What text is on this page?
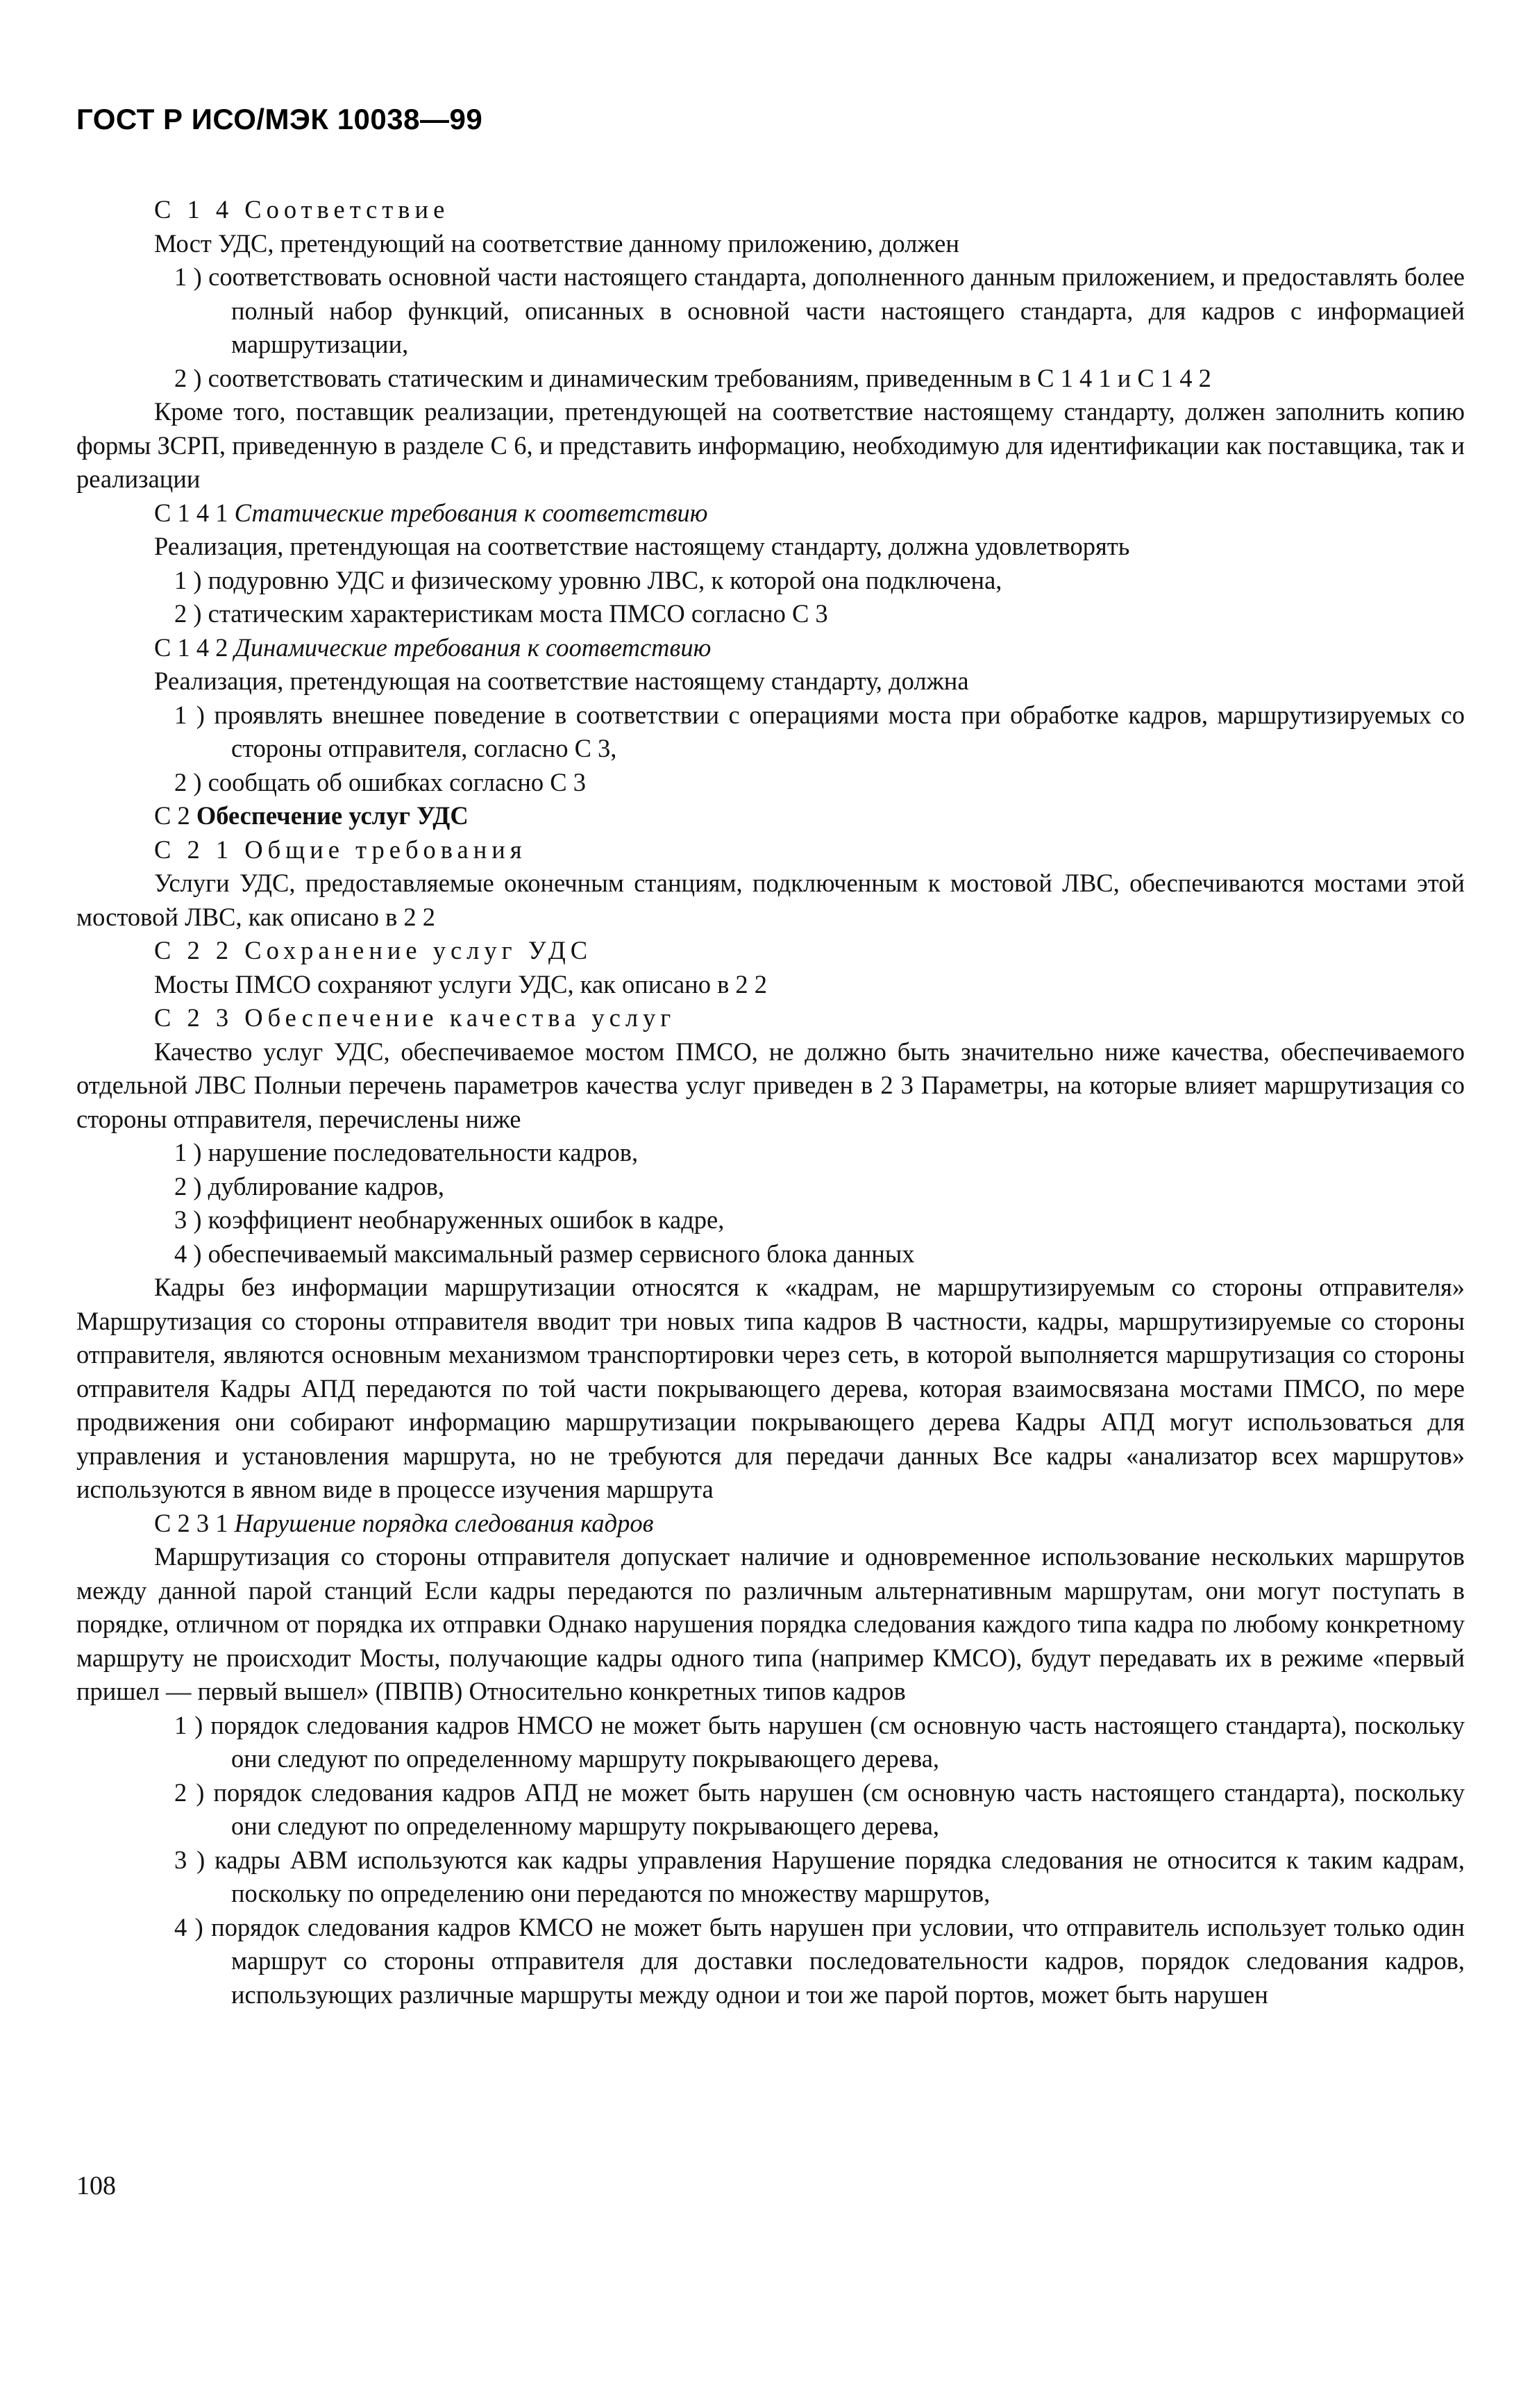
ГОСТ Р ИСО/МЭК 10038—99

С 1 4 Соответствие

Мост УДС, претендующий на соответствие данному приложению, должен

1 ) соответствовать основной части настоящего стандарта, дополненного данным приложением, и предоставлять более полный набор функций, описанных в основной части настоящего стандарта, для кадров с информацией маршрутизации,

2 ) соответствовать статическим и динамическим требованиям, приведенным в С 1 4 1 и С 1 4 2

Кроме того, поставщик реализации, претендующей на соответствие настоящему стандарту, должен заполнить копию формы ЗСРП, приведенную в разделе С 6, и представить информацию, необходимую для идентификации как поставщика, так и реализации

С 1 4 1 Статические требования к соответствию

Реализация, претендующая на соответствие настоящему стандарту, должна удовлетворять

1 ) подуровню УДС и физическому уровню ЛВС, к которой она подключена,

2 ) статическим характеристикам моста ПМСО согласно С 3

С 1 4 2 Динамические требования к соответствию

Реализация, претендующая на соответствие настоящему стандарту, должна

1 ) проявлять внешнее поведение в соответствии с операциями моста при обработке кадров, маршрутизируемых со стороны отправителя, согласно С 3,

2 ) сообщать об ошибках согласно С 3

С 2 Обеспечение услуг УДС

С 2 1 Общие требования

Услуги УДС, предоставляемые оконечным станциям, подключенным к мостовой ЛВС, обеспечиваются мостами этой мостовой ЛВС, как описано в 2 2

С 2 2 Сохранение услуг УДС

Мосты ПМСО сохраняют услуги УДС, как описано в 2 2

С 2 3 Обеспечение качества услуг

Качество услуг УДС, обеспечиваемое мостом ПМСО, не должно быть значительно ниже качества, обеспечиваемого отдельной ЛВС Полныи перечень параметров качества услуг приведен в 2 3 Параметры, на которые влияет маршрутизация со стороны отправителя, перечислены ниже

1 ) нарушение последовательности кадров,

2 ) дублирование кадров,

3 ) коэффициент необнаруженных ошибок в кадре,

4 ) обеспечиваемый максимальный размер сервисного блока данных

Кадры без информации маршрутизации относятся к «кадрам, не маршрутизируемым со стороны отправителя» Маршрутизация со стороны отправителя вводит три новых типа кадров В частности, кадры, маршрутизируемые со стороны отправителя, являются основным механизмом транспортировки через сеть, в которой выполняется маршрутизация со стороны отправителя Кадры АПД передаются по той части покрывающего дерева, которая взаимосвязана мостами ПМСО, по мере продвижения они собирают информацию маршрутизации покрывающего дерева Кадры АПД могут использоваться для управления и установления маршрута, но не требуются для передачи данных Все кадры «анализатор всех маршрутов» используются в явном виде в процессе изучения маршрута

С 2 3 1 Нарушение порядка следования кадров

Маршрутизация со стороны отправителя допускает наличие и одновременное использование нескольких маршрутов между данной парой станций Если кадры передаются по различным альтернативным маршрутам, они могут поступать в порядке, отличном от порядка их отправки Однако нарушения порядка следования каждого типа кадра по любому конкретному маршруту не происходит Мосты, получающие кадры одного типа (например КМСО), будут передавать их в режиме «первый пришел — первый вышел» (ПВПВ) Относительно конкретных типов кадров

1 ) порядок следования кадров НМСО не может быть нарушен (см основную часть настоящего стандарта), поскольку они следуют по определенному маршруту покрывающего дерева,

2 ) порядок следования кадров АПД не может быть нарушен (см основную часть настоящего стандарта), поскольку они следуют по определенному маршруту покрывающего дерева,

3 ) кадры АВМ используются как кадры управления Нарушение порядка следования не относится к таким кадрам, поскольку по определению они передаются по множеству маршрутов,

4 ) порядок следования кадров КМСО не может быть нарушен при условии, что отправитель использует только один маршрут со стороны отправителя для доставки последовательности кадров, порядок следования кадров, использующих различные маршруты между однои и тои же парой портов, может быть нарушен

108
